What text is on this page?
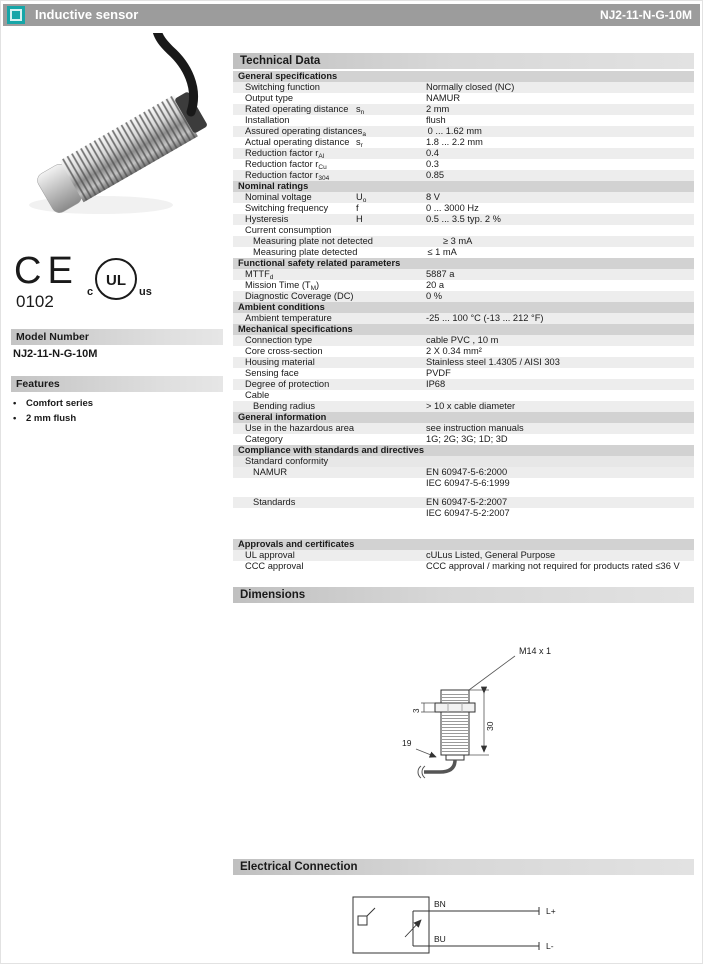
Inductive sensor	NJ2-11-N-G-10M
CE
0102
UL
c	us
Model Number
NJ2-11-N-G-10M
Features
•	Comfort series
•	2 mm flush
Technical Data
General specifications
Switching function	Normally closed (NC)
Output type	NAMUR
Rated operating distance $s_n$	2 mm
Installation	flush
Assured operating distance $s_a$	0 ... 1.62 mm
Actual operating distance $s_r$	1.8 ... 2.2 mm
Reduction factor $r_{Al}$	0.4
Reduction factor $r_{Cu}$	0.3
Reduction factor $r_{304}$	0.85
Nominal ratings
Nominal voltage	$U_o$	8 V
Switching frequency	f	0 ... 3000 Hz
Hysteresis	H	0.5 ... 3.5 typ. 2 %
Current consumption
Measuring plate not detected	≥ 3 mA
Measuring plate detected	≤ 1 mA
Functional safety related parameters
$MTTF_d$	5887 a
Mission Time $(T_M)$	20 a
Diagnostic Coverage (DC)	0 %
Ambient conditions
Ambient temperature	-25 ... 100 °C (-13 ... 212 °F)
Mechanical specifications
Connection type	cable PVC , 10 m
Core cross-section	2 X 0.34 mm²
Housing material	Stainless steel 1.4305 / AISI 303
Sensing face	PVDF
Degree of protection	IP68
Cable
Bending radius	> 10 x cable diameter
General information
Use in the hazardous area	see instruction manuals
Category	1G; 2G; 3G; 1D; 3D
Compliance with standards and directives
Standard conformity
NAMUR	EN 60947-5-6:2000
IEC 60947-5-6:1999
Standards	EN 60947-5-2:2007
IEC 60947-5-2:2007
Approvals and certificates
UL approval	cULus Listed, General Purpose
CCC approval	CCC approval / marking not required for products rated ≤36 V
Dimensions
M14 x 1
3
19
30
Electrical Connection
BN
BU
L+
L-
